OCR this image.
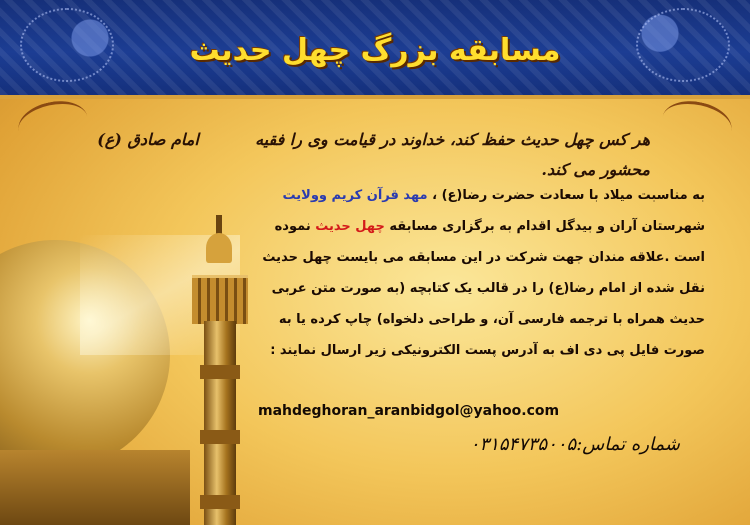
مسابقه بزرگ چهل حدیث
هر کس چهل حدیث حفظ کند، خداوند در قیامت وی را فقیه محشور می کند.
امام صادق (ع)
به مناسبت میلاد با سعادت حضرت رضا(ع) ، مهد قرآن کریم وولایت
شهرستان آران و بیدگل اقدام به برگزاری مسابقه چهل حدیث نموده
است .علاقه مندان جهت شرکت در این مسابقه می بایست چهل حدیث
نقل شده از امام رضا(ع) را در قالب یک کتابچه (به صورت متن عربی
حدیث همراه با ترجمه فارسی آن، و طراحی دلخواه) چاپ کرده یا به
صورت فایل پی دی اف به آدرس پست الکترونیکی زیر ارسال نمایند :
mahdeghoran_aranbidgol@yahoo.com
شماره تماس:۰۳۱۵۴۷۳۵۰۰۵
